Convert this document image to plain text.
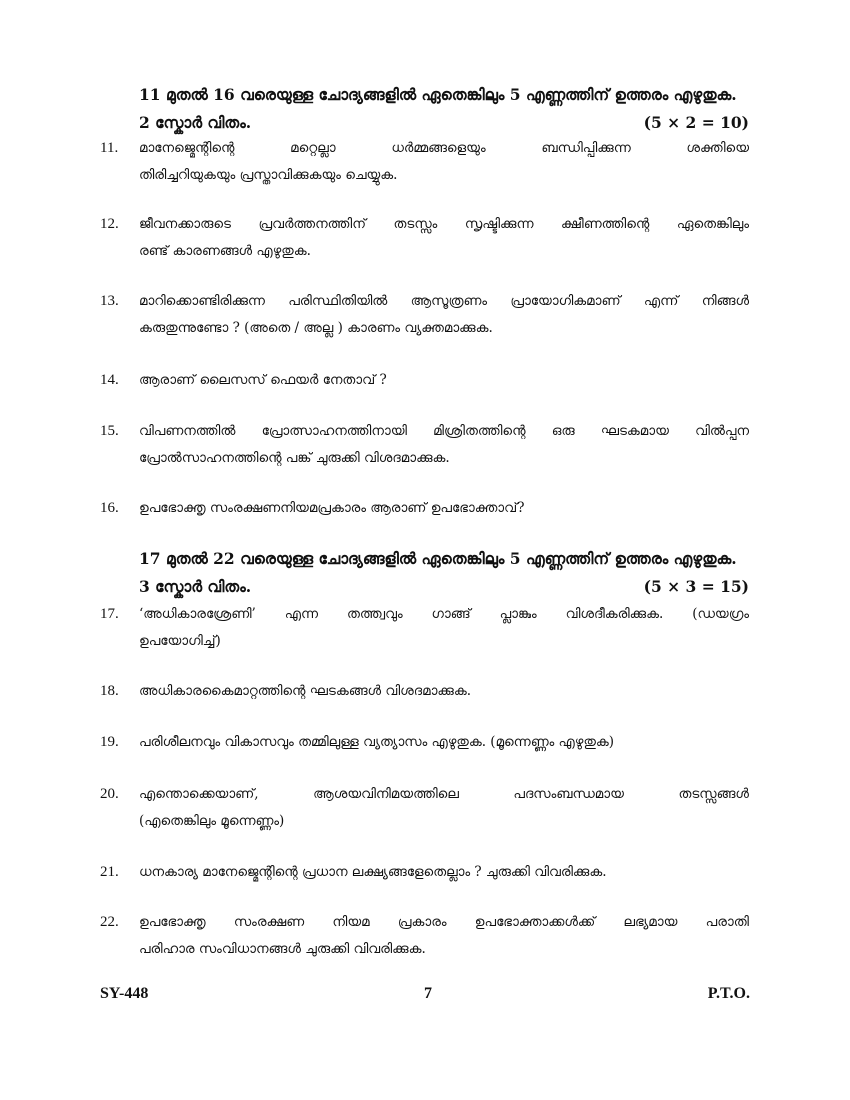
11 മുതൽ 16 വരെയുള്ള ചോദ്യങ്ങളിൽ ഏതെങ്കിലും 5 എണ്ണത്തിന് ഉത്തരം എഴുതുക.
2 സ്കോർ വിതം.	(5 × 2 = 10)
11.	മാനേജ്മെന്റിന്റെ മറ്റെല്ലാ ധർമ്മങ്ങളെയും ബന്ധിപ്പിക്കുന്ന ശക്തിയെ
തിരിച്ചറിയുകയും പ്രസ്താവിക്കുകയും ചെയ്യുക.
12.	ജീവനക്കാരുടെ പ്രവർത്തനത്തിന് തടസ്സം സൃഷ്ടിക്കുന്ന ക്ഷീണത്തിന്റെ ഏതെങ്കിലും
രണ്ട് കാരണങ്ങൾ എഴുതുക.
13.	മാറിക്കൊണ്ടിരിക്കുന്ന പരിസ്ഥിതിയിൽ ആസൂത്രണം പ്രായോഗികമാണ് എന്ന് നിങ്ങൾ
കരുതുന്നുണ്ടോ ? (അതെ / അല്ല ) കാരണം വ്യക്തമാക്കുക.
14.	ആരാണ് ലൈസസ് ഫെയർ നേതാവ് ?
15.	വിപണനത്തിൽ പ്രോത്സാഹനത്തിനായി മിശ്രിതത്തിന്റെ ഒരു ഘടകമായ വിൽപ്പന
പ്രോൽസാഹനത്തിന്റെ പങ്ക് ചുരുക്കി വിശദമാക്കുക.
16.	ഉപഭോക്തൃ സംരക്ഷണനിയമപ്രകാരം ആരാണ് ഉപഭോക്താവ്?
17 മുതൽ 22 വരെയുള്ള ചോദ്യങ്ങളിൽ ഏതെങ്കിലും 5 എണ്ണത്തിന് ഉത്തരം എഴുതുക.
3 സ്കോർ വിതം.	(5 × 3 = 15)
17.	‘അധികാരശ്രേണി’ എന്ന തത്ത്വവും ഗാങ്ങ് പ്ലാങ്കും വിശദീകരിക്കുക. (ഡയഗ്രം
ഉപയോഗിച്ച്)
18.	അധികാരകൈമാറ്റത്തിന്റെ ഘടകങ്ങൾ വിശദമാക്കുക.
19.	പരിശീലനവും വികാസവും തമ്മിലുള്ള വ്യത്യാസം എഴുതുക. (മൂന്നെണ്ണം എഴുതുക)
20.	എന്തൊക്കെയാണ്, ആശയവിനിമയത്തിലെ പദസംബന്ധമായ തടസ്സങ്ങൾ
(എതെങ്കിലും മൂന്നെണ്ണം)
21.	ധനകാര്യ മാനേജ്മെന്റിന്റെ പ്രധാന ലക്ഷ്യങ്ങളേതെല്ലാം ? ചുരുക്കി വിവരിക്കുക.
22.	ഉപഭോക്തൃ സംരക്ഷണ നിയമ പ്രകാരം ഉപഭോക്താക്കൾക്ക് ലഭ്യമായ പരാതി
പരിഹാര സംവിധാനങ്ങൾ ചുരുക്കി വിവരിക്കുക.
SY-448	7	P.T.O.
